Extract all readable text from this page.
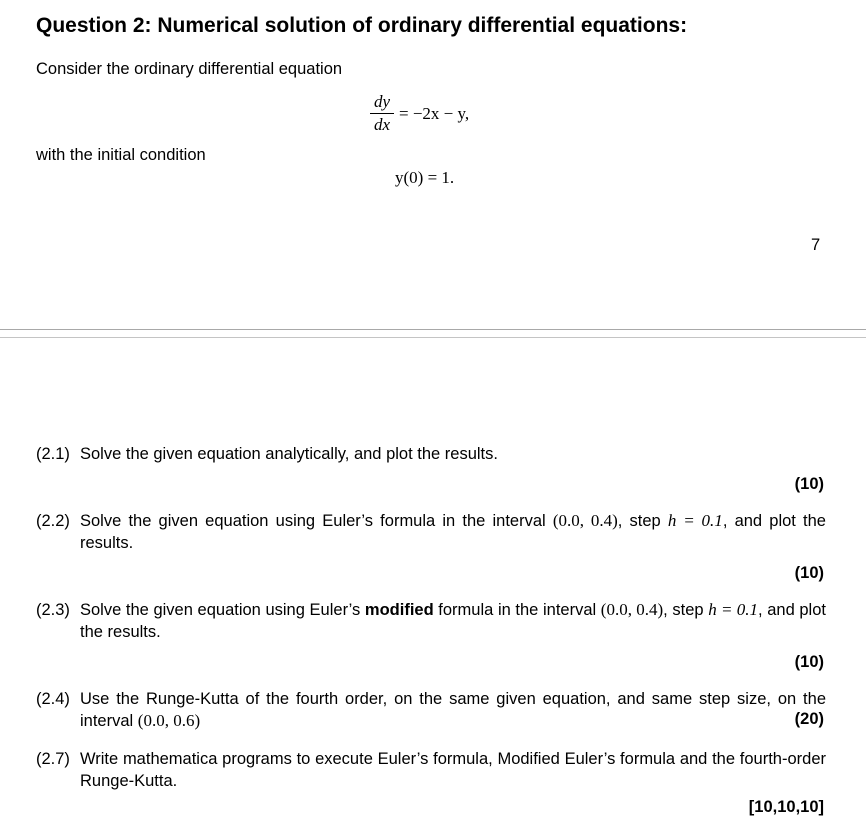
Question 2: Numerical solution of ordinary differential equations:
Consider the ordinary differential equation
dy
dx
= −2x − y,
with the initial condition
y(0) = 1.
7
(2.1) Solve the given equation analytically, and plot the results.
(10)
(2.2) Solve the given equation using Euler’s formula in the interval (0.0, 0.4), step h = 0.1, and plot the results.
(10)
(2.3) Solve the given equation using Euler’s modified formula in the interval (0.0, 0.4), step h = 0.1, and plot the results.
(10)
(2.4) Use the Runge-Kutta of the fourth order, on the same given equation, and same step size, on the interval (0.0, 0.6)	(20)
(2.7) Write mathematica programs to execute Euler’s formula, Modified Euler’s formula and the fourth-order Runge-Kutta.
[10,10,10]
